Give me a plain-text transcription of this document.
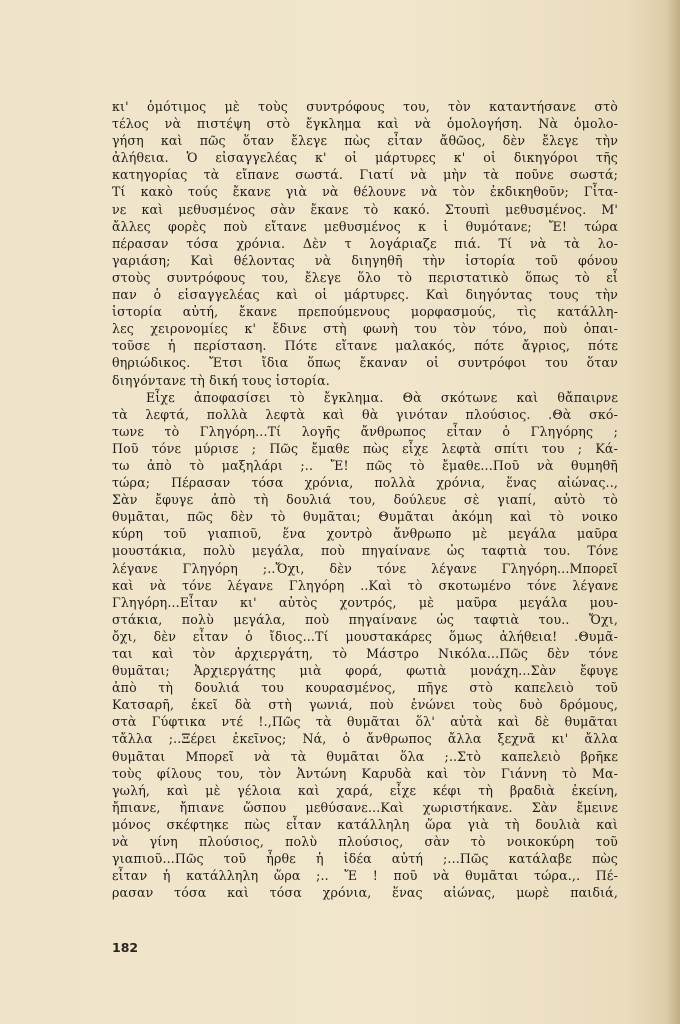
κι' ὁμότιμος μὲ τοὺς συντρόφους του, τὸν καταντήσανε στὸ
τέλος νὰ πιστέψη στὸ ἔγκλημα καὶ νὰ ὁμολογήση. Νὰ ὁμολο-
γήση καὶ πῶς ὅταν ἔλεγε πὼς εἶταν ἄθῶος, δὲν ἔλεγε τὴν
ἀλήθεια. Ὁ εἰσαγγελέας κ' οἱ μάρτυρες κ' οἱ δικηγόροι τῆς
κατηγορίας τὰ εἴπανε σωστά. Γιατί νὰ μὴν τὰ ποῦνε σωστά;
Τί κακὸ τούς ἔκανε γιὰ νὰ θέλουνε νὰ τὸν ἐκδικηθοῦν; Γἶτα-
νε καὶ μεθυσμένος σὰν ἔκανε τὸ κακό. Στουπὶ μεθυσμένος. Μ'
ἄλλες φορὲς ποὺ εἴτανε μεθυσμένος κ ἱ θυμότανε; Ἔ! τώρα
πέρασαν τόσα χρόνια. Δὲν τ λογάριαζε πιά. Τί νὰ τὰ λο-
γαριάση; Καὶ θέλοντας νὰ διηγηθῆ τὴν ἱστορία τοῦ φόνου
στοὺς συντρόφους του, ἔλεγε ὅλο τὸ περιστατικὸ ὅπως τὸ εἶ
παν ὁ εἰσαγγελέας καὶ οἱ μάρτυρες. Καὶ διηγόντας τους τὴν
ἱστορία αὐτή, ἔκανε πρεπούμενους μορφασμούς, τὶς κατάλλη-
λες χειρονομίες κ' ἔδινε στὴ φωνὴ του τὸν τόνο, ποὺ ὁπαι-
τοῦσε ἡ περίσταση. Πότε εἴτανε μαλακός, πότε ἄγριος, πότε
θηριώδικος. Ἔτσι ἴδια ὅπως ἔκαναν οἱ συντρόφοι του ὅταν
διηγόντανε τὴ δική τους ἱστορία.
Εἶχε ἀποφασίσει τὸ ἔγκλημα. Θὰ σκότωνε καὶ θἄπαιρνε
τὰ λεφτά, πολλὰ λεφτὰ καὶ θὰ γινόταν πλούσιος. .Θὰ σκό-
τωνε τὸ Γληγόρη...Τί λογῆς ἄνθρωπος εἶταν ὁ Γληγόρης ;
Ποῦ τόνε μύρισε ; Πῶς ἔμαθε πὼς εἶχε λεφτὰ σπίτι του ; Κά-
τω ἀπὸ τὸ μαξηλάρι ;.. Ἔ! πῶς τὸ ἔμαθε...Ποῦ νὰ θυμηθῆ
τώρα; Πέρασαν τόσα χρόνια, πολλὰ χρόνια, ἕνας αἰώνας..,
Σὰν ἔφυγε ἀπὸ τὴ δουλιά του, δούλευε σὲ γιαπί, αὐτὸ τὸ
θυμᾶται, πῶς δὲν τὸ θυμᾶται; Θυμᾶται ἀκόμη καὶ τὸ νοικο
κύρη τοῦ γιαπιοῦ, ἕνα χοντρὸ ἄνθρωπο μὲ μεγάλα μαῦρα
μουστάκια, πολὺ μεγάλα, ποὺ πηγαίνανε ὡς ταφτιὰ του. Τόνε
λέγανε Γληγόρη ;..Ὄχι, δὲν τόνε λέγανε Γληγόρη...Μπορεῖ
καὶ νὰ τόνε λέγανε Γληγόρη ..Καὶ τὸ σκοτωμένο τόνε λέγανε
Γληγόρη...Εἶταν κι' αὐτὸς χοντρός, μὲ μαῦρα μεγάλα μου-
στάκια, πολὺ μεγάλα, ποὺ πηγαίνανε ὡς ταφτιὰ του.. Ὄχι,
ὄχι, δὲν εἶταν ὁ ἴδιος...Τί μουστακάρες ὅμως ἀλήθεια! .Θυμᾶ-
ται καὶ τὸν ἀρχιεργάτη, τὸ Μάστρο Νικόλα...Πῶς δὲν τόνε
θυμᾶται; Ἀρχιεργάτης μιὰ φορά, φωτιὰ μονάχη...Σὰν ἔφυγε
ἀπὸ τὴ δουλιά του κουρασμένος, πῆγε στὸ καπελειὸ τοῦ
Κατσαρῆ, ἐκεῖ δὰ στὴ γωνιά, ποὺ ἑνώνει τοὺς δυὸ δρόμους,
στὰ Γύφτικα ντέ !.,Πῶς τὰ θυμᾶται ὅλ' αὐτὰ καὶ δὲ θυμᾶται
τἄλλα ;..Ξέρει ἐκεῖνος; Νά, ὁ ἄνθρωπος ἄλλα ξεχνᾶ κι' ἄλλα
θυμᾶται Μπορεῖ νὰ τὰ θυμᾶται ὅλα ;..Στὸ καπελειὸ βρῆκε
τοὺς φίλους του, τὸν Ἀντώνη Καρυδὰ καὶ τὸν Γιάννη τὸ Μα-
γωλή, καὶ μὲ γέλοια καὶ χαρά, εἶχε κέφι τὴ βραδιὰ ἐκείνη,
ἤπιανε, ἤπιανε ὥσπου μεθύσανε...Καὶ χωριστήκανε. Σὰν ἔμεινε
μόνος σκέφτηκε πὼς εἶταν κατάλληλη ὥρα γιὰ τὴ δουλιὰ καὶ
νὰ γίνη πλούσιος, πολὺ πλούσιος, σὰν τὸ νοικοκύρη τοῦ
γιαπιοῦ...Πῶς τοῦ ἦρθε ἡ ἰδέα αὐτή ;...Πῶς κατάλαβε πὼς
εἶταν ἡ κατάλληλη ὥρα ;.. Ἔ ! ποῦ νὰ θυμᾶται τώρα.,. Πέ-
ρασαν τόσα καὶ τόσα χρόνια, ἕνας αἰώνας, μωρὲ παιδιά,
182
